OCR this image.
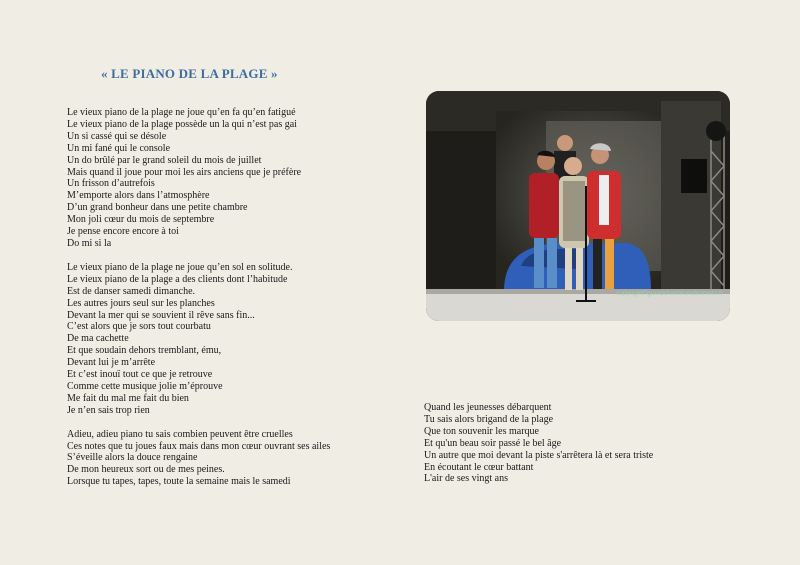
« LE PIANO DE LA PLAGE »
Le vieux piano de la plage ne joue qu’en fa qu’en fatigué
Le vieux piano de la plage possède un la qui n’est pas gai
Un si cassé qui se désole
Un mi fané qui le console
Un do brûlé par le grand soleil du mois de juillet
Mais quand il joue pour moi les airs anciens que je préfère
Un frisson d’autrefois
M’emporte alors dans l’atmosphère
D’un grand bonheur dans une petite chambre
Mon joli cœur du mois de septembre
Je pense encore encore à toi
Do mi si la
Le vieux piano de la plage ne joue qu’en sol en solitude.
Le vieux piano de la plage a des clients dont l’habitude
Est de danser samedi dimanche.
Les autres jours seul sur les planches
Devant la mer qui se souvient il rêve sans fin...
C’est alors que je sors tout courbatu
De ma cachette
Et que soudain dehors tremblant, ému,
Devant lui je m’arrête
Et c’est inouï tout ce que je retrouve
Comme cette musique jolie m’éprouve
Me fait du mal me fait du bien
Je n’en sais trop rien
Adieu, adieu piano tu sais combien peuvent être cruelles
Ces notes que tu joues faux mais dans mon cœur ouvrant ses ailes
S’éveille alors la douce rengaine
De mon heureux sort ou de mes peines.
Lorsque tu tapes, tapes, toute la semaine mais le samedi
copyright©grandchanteursdesmers.fr
Quand les jeunesses débarquent
Tu sais alors brigand de la plage
Que ton souvenir les marque
Et qu'un beau soir passé le bel âge
Un autre que moi devant la piste s'arrêtera là et sera triste
En écoutant le cœur battant
L'air de ses vingt ans
